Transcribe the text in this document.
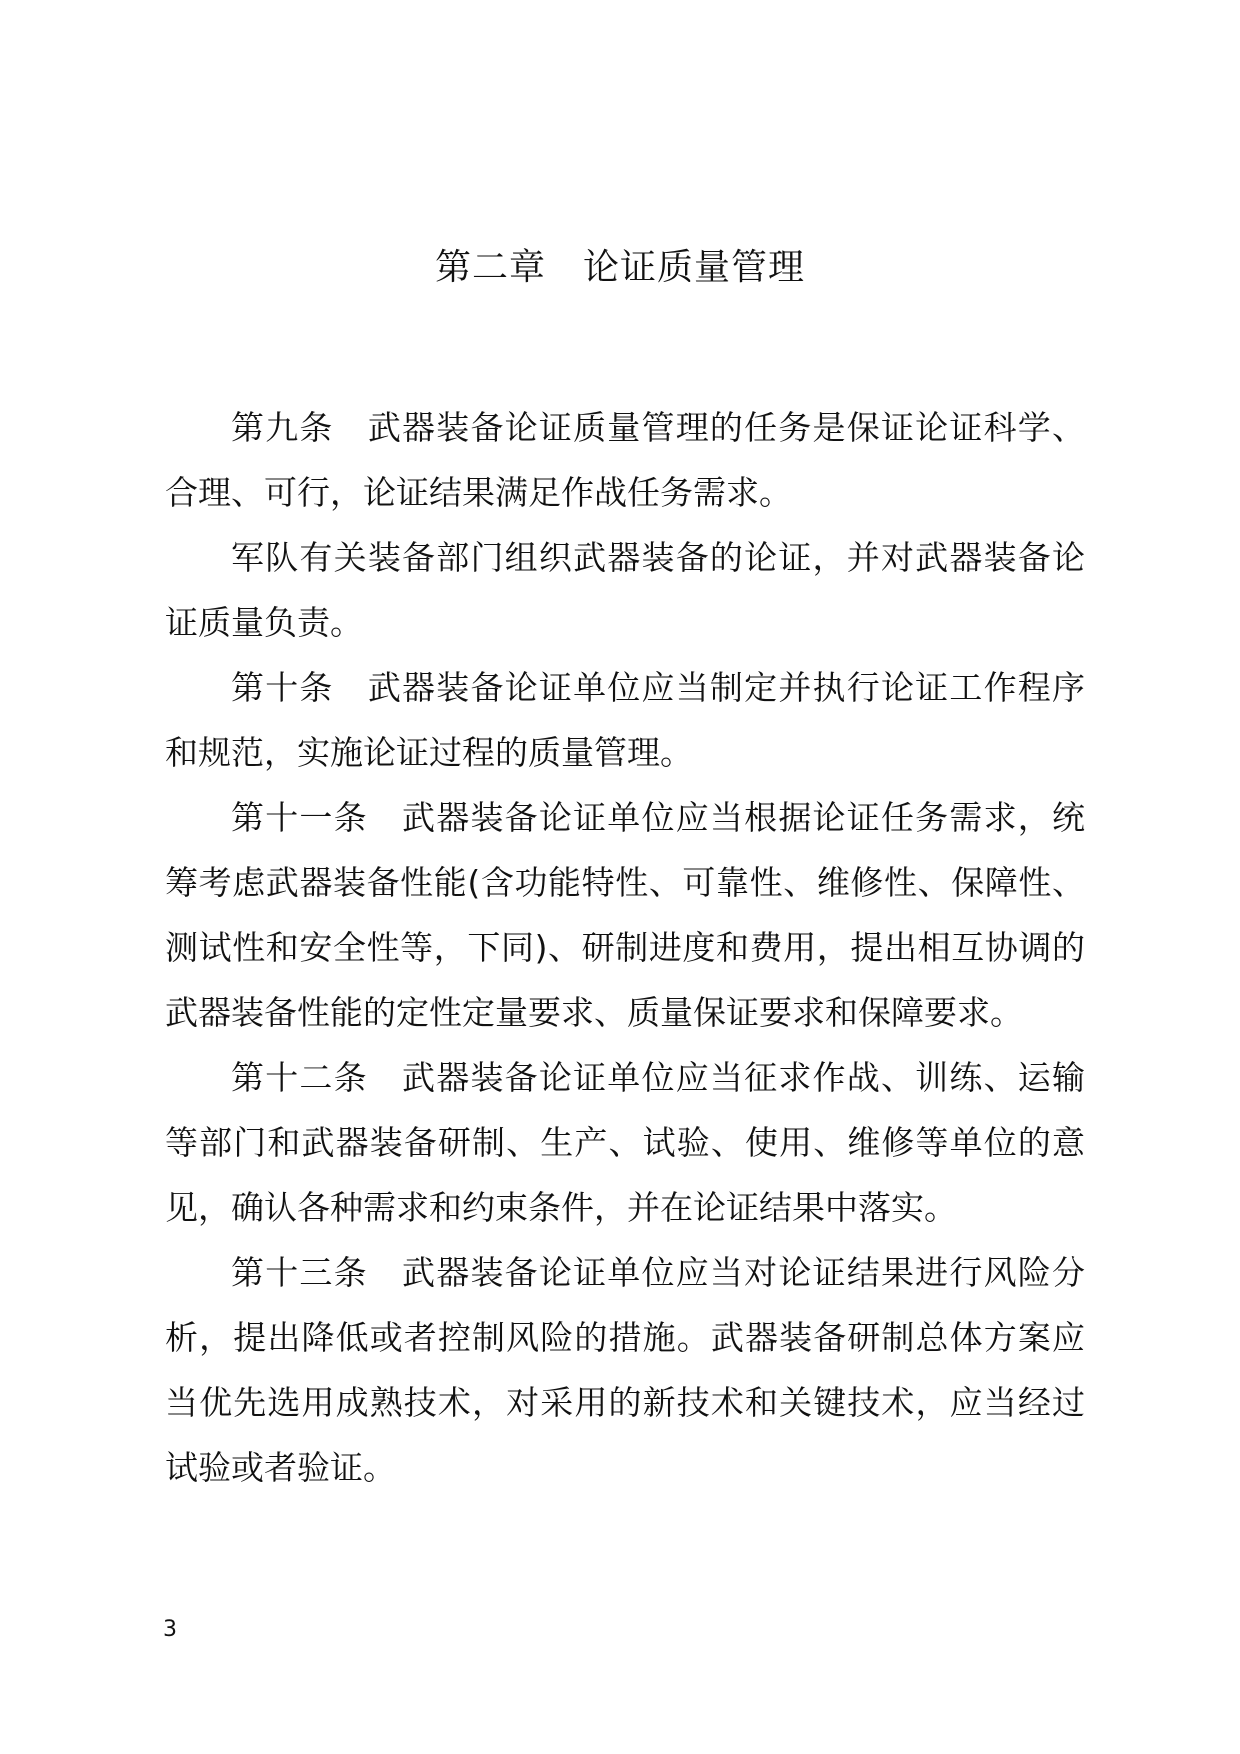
第二章　论证质量管理

第九条　武器装备论证质量管理的任务是保证论证科学、合理、可行，论证结果满足作战任务需求。

军队有关装备部门组织武器装备的论证，并对武器装备论证质量负责。

第十条　武器装备论证单位应当制定并执行论证工作程序和规范，实施论证过程的质量管理。

第十一条　武器装备论证单位应当根据论证任务需求，统筹考虑武器装备性能(含功能特性、可靠性、维修性、保障性、测试性和安全性等，下同)、研制进度和费用，提出相互协调的武器装备性能的定性定量要求、质量保证要求和保障要求。

第十二条　武器装备论证单位应当征求作战、训练、运输等部门和武器装备研制、生产、试验、使用、维修等单位的意见，确认各种需求和约束条件，并在论证结果中落实。

第十三条　武器装备论证单位应当对论证结果进行风险分析，提出降低或者控制风险的措施。武器装备研制总体方案应当优先选用成熟技术，对采用的新技术和关键技术，应当经过试验或者验证。

3
